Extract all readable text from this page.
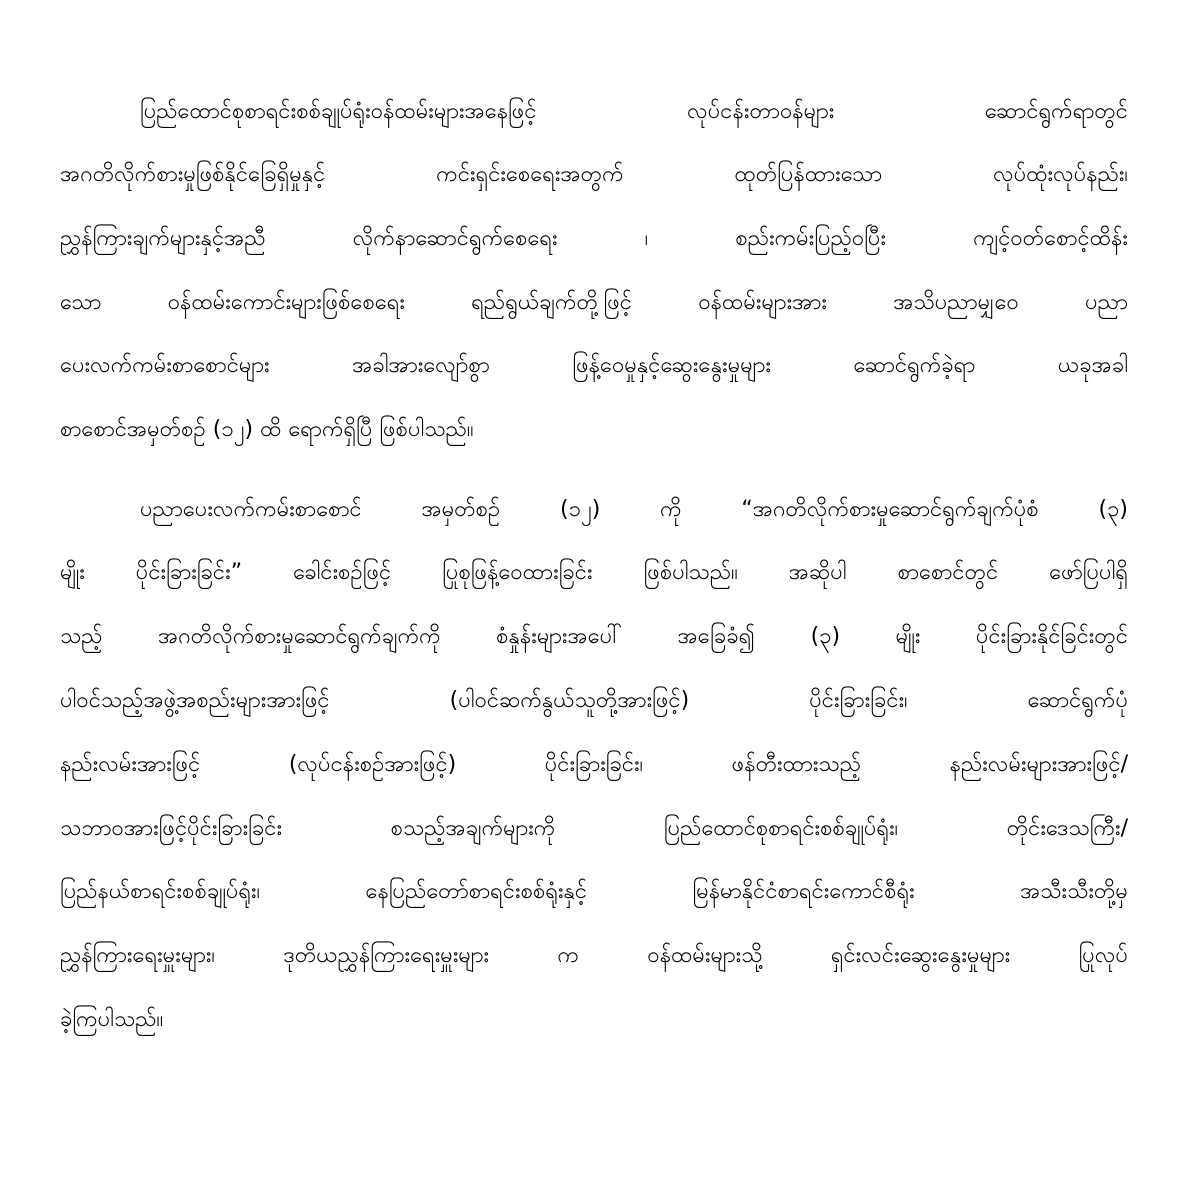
ပြည်ထောင်စုစာရင်းစစ်ချုပ်ရုံးဝန်ထမ်းများအနေဖြင့် လုပ်ငန်းတာဝန်များ ဆောင်ရွက်ရာတွင်
အဂတိလိုက်စားမှုဖြစ်နိုင်ခြေရှိမှုနှင့် ကင်းရှင်းစေရေးအတွက် ထုတ်ပြန်ထားသော လုပ်ထုံးလုပ်နည်း၊
ညွှန်ကြားချက်များနှင့်အညီ လိုက်နာဆောင်ရွက်စေရေး ၊ စည်းကမ်းပြည့်ဝပြီး ကျင့်ဝတ်စောင့်ထိန်း
သော ဝန်ထမ်းကောင်းများဖြစ်စေရေး ရည်ရွယ်ချက်တို့ဖြင့် ဝန်ထမ်းများအား အသိပညာမျှဝေ ပညာ
ပေးလက်ကမ်းစာစောင်များ အခါအားလျော်စွာ ဖြန့်ဝေမှုနှင့်ဆွေးနွေးမှုများ ဆောင်ရွက်ခဲ့ရာ ယခုအခါ
စာစောင်အမှတ်စဉ် (၁၂) ထိ ရောက်ရှိပြီ ဖြစ်ပါသည်။
ပညာပေးလက်ကမ်းစာစောင် အမှတ်စဉ် (၁၂) ကို “အဂတိလိုက်စားမှုဆောင်ရွက်ချက်ပုံစံ (၃)
မျိုး ပိုင်းခြားခြင်း” ခေါင်းစဉ်ဖြင့် ပြုစုဖြန့်ဝေထားခြင်း ဖြစ်ပါသည်။ အဆိုပါ စာစောင်တွင် ဖော်ပြပါရှိ
သည့် အဂတိလိုက်စားမှုဆောင်ရွက်ချက်ကို စံနှုန်းများအပေါ် အခြေခံ၍ (၃) မျိုး ပိုင်းခြားနိုင်ခြင်းတွင်
ပါဝင်သည့်အဖွဲ့အစည်းများအားဖြင့် (ပါဝင်ဆက်နွယ်သူတို့အားဖြင့်) ပိုင်းခြားခြင်း၊ ဆောင်ရွက်ပုံ
နည်းလမ်းအားဖြင့် (လုပ်ငန်းစဉ်အားဖြင့်) ပိုင်းခြားခြင်း၊ ဖန်တီးထားသည့် နည်းလမ်းများအားဖြင့်/
သဘာဝအားဖြင့်ပိုင်းခြားခြင်း စသည့်အချက်များကို ပြည်ထောင်စုစာရင်းစစ်ချုပ်ရုံး၊ တိုင်းဒေသကြီး/
ပြည်နယ်စာရင်းစစ်ချုပ်ရုံး၊ နေပြည်တော်စာရင်းစစ်ရုံးနှင့် မြန်မာနိုင်ငံစာရင်းကောင်စီရုံး အသီးသီးတို့မှ
ညွှန်ကြားရေးမှူးများ၊ ဒုတိယညွှန်ကြားရေးမှူးများ က ဝန်ထမ်းများသို့ ရှင်းလင်းဆွေးနွေးမှုများ ပြုလုပ်
ခဲ့ကြပါသည်။
